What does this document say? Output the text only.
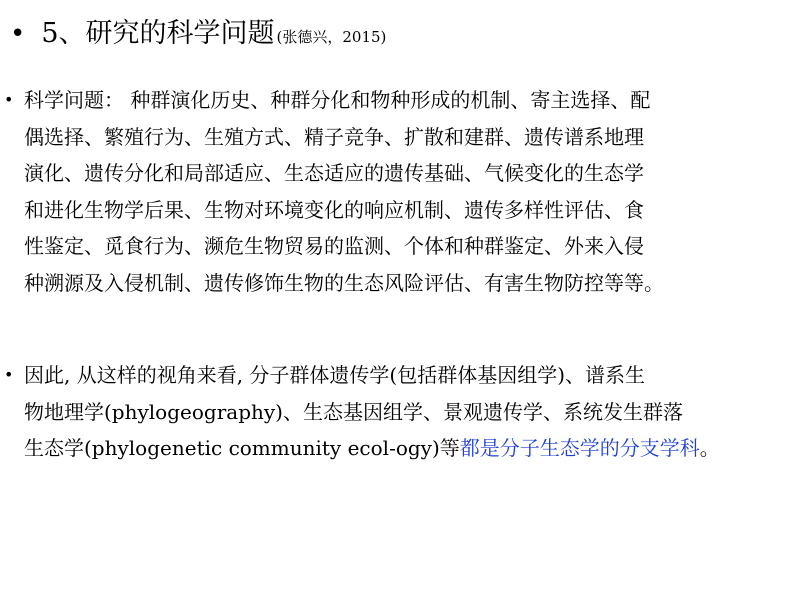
• 5、研究的科学问题 (张德兴，2015)
• 科学问题： 种群演化历史、种群分化和物种形成的机制、寄主选择、配
偶选择、繁殖行为、生殖方式、精子竞争、扩散和建群、遗传谱系地理
演化、遗传分化和局部适应、生态适应的遗传基础、气候变化的生态学
和进化生物学后果、生物对环境变化的响应机制、遗传多样性评估、食
性鉴定、觅食行为、濒危生物贸易的监测、个体和种群鉴定、外来入侵
种溯源及入侵机制、遗传修饰生物的生态风险评估、有害生物防控等等。
• 因此, 从这样的视角来看, 分子群体遗传学(包括群体基因组学)、谱系生
物地理学(phylogeography)、生态基因组学、景观遗传学、系统发生群落
生态学(phylogenetic community ecol-ogy)等都是分子生态学的分支学科。
